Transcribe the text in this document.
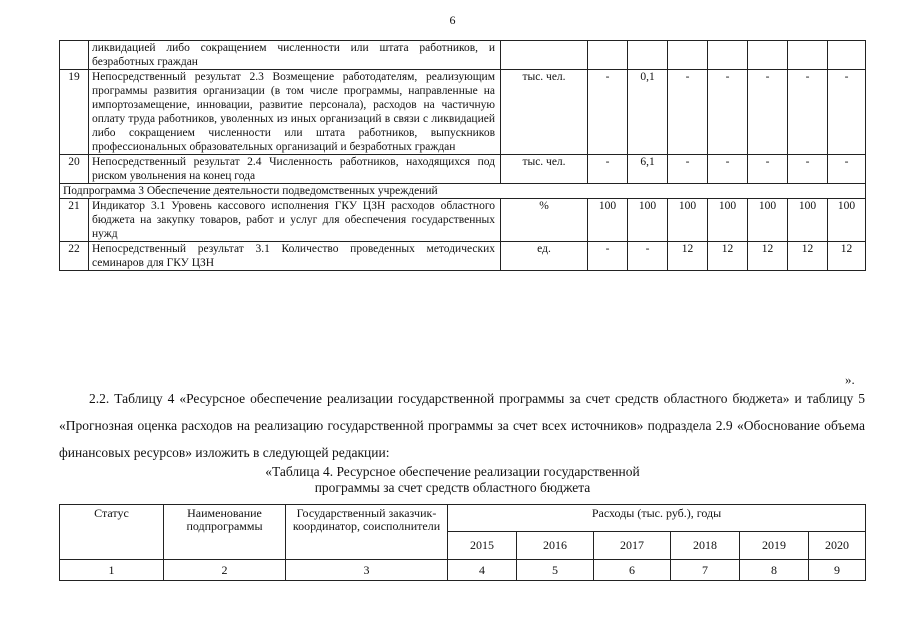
6
	ликвидацией либо сокращением численности или штата работников, и безработных граждан								
19	Непосредственный результат 2.3 Возмещение работодателям, реализующим программы развития организации (в том числе программы, направленные на импортозамещение, инновации, развитие персонала), расходов на частичную оплату труда работников, уволенных из иных организаций в связи с ликвидацией либо сокращением численности или штата работников, выпускников профессиональных образовательных организаций и безработных граждан	тыс. чел.	-	0,1	-	-	-	-	-
20	Непосредственный результат 2.4 Численность работников, находящихся под риском увольнения на конец года	тыс. чел.	-	6,1	-	-	-	-	-
Подпрограмма 3 Обеспечение деятельности подведомственных учреждений									
21	Индикатор 3.1 Уровень кассового исполнения ГКУ ЦЗН расходов областного бюджета на закупку товаров, работ и услуг для обеспечения государственных нужд	%	100	100	100	100	100	100	100
22	Непосредственный результат 3.1 Количество проведенных методических семинаров для ГКУ ЦЗН	ед.	-	-	12	12	12	12	12
».
2.2. Таблицу 4 «Ресурсное обеспечение реализации государственной программы за счет средств областного бюджета» и таблицу 5 «Прогнозная оценка расходов на реализацию государственной программы за счет всех источников» подраздела 2.9 «Обоснование объема финансовых ресурсов» изложить в следующей редакции:
«Таблица 4. Ресурсное обеспечение реализации государственной
программы за счет средств областного бюджета
Статус	Наименование подпрограммы	Государственный заказчик-координатор, соисполнители	Расходы (тыс. руб.), годы					
			2015	2016	2017	2018	2019	2020
1	2	3	4	5	6	7	8	9
